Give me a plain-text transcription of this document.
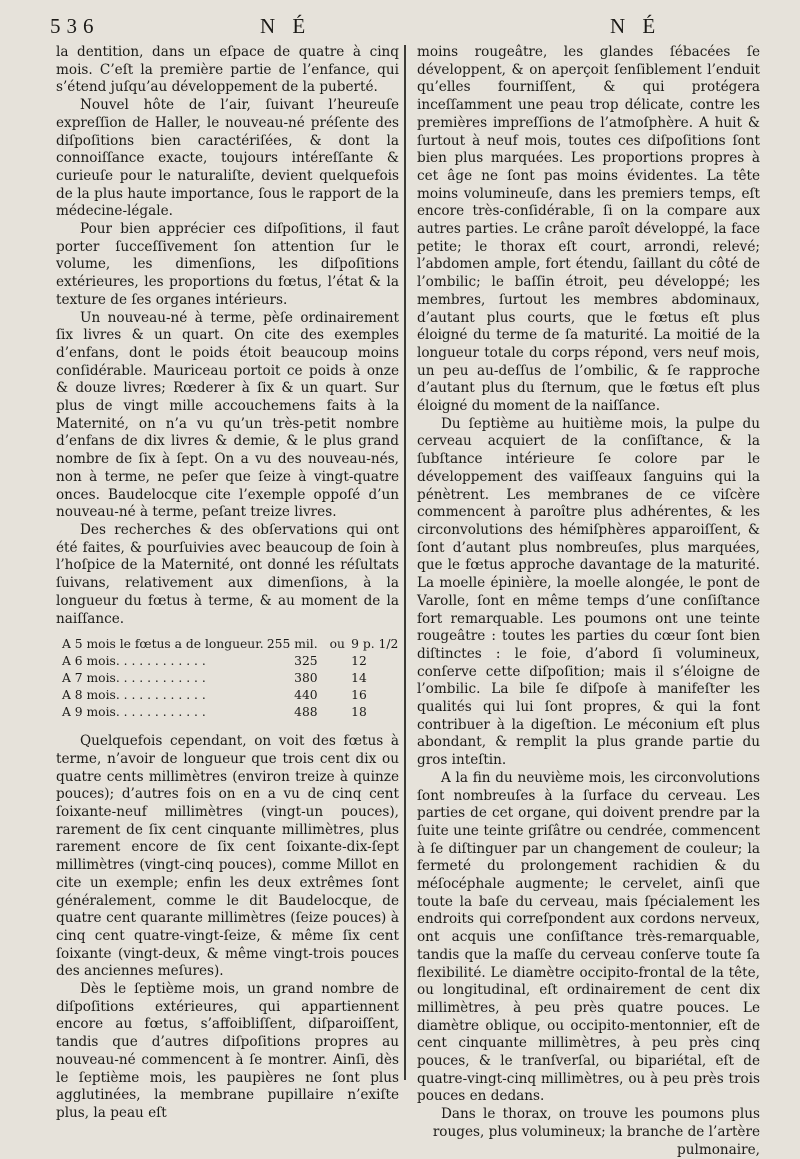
536	N É	N É

la dentition, dans un eſpace de quatre à cinq mois. C’eſt la première partie de l’enfance, qui s’étend juſqu’au développement de la puberté.

Nouvel hôte de l’air, ſuivant l’heureuſe expreſſion de Haller, le nouveau-né préſente des diſpoſitions bien caractériſées, & dont la connoiſſance exacte, toujours intéreſſante & curieuſe pour le naturaliſte, devient quelquefois de la plus haute importance, ſous le rapport de la médecine-légale.

Pour bien apprécier ces diſpoſitions, il faut porter ſucceſſivement ſon attention ſur le volume, les dimenſions, les diſpoſitions extérieures, les proportions du fœtus, l’état & la texture de ſes organes intérieurs.

Un nouveau-né à terme, pèſe ordinairement ſix livres & un quart. On cite des exemples d’enfans, dont le poids étoit beaucoup moins conſidérable. Mauriceau portoit ce poids à onze & douze livres; Rœderer à ſix & un quart. Sur plus de vingt mille accouchemens faits à la Maternité, on n’a vu qu’un très-petit nombre d’enfans de dix livres & demie, & le plus grand nombre de ſix à ſept. On a vu des nouveau-nés, non à terme, ne peſer que ſeize à vingt-quatre onces. Baudelocque cite l’exemple oppoſé d’un nouveau-né à terme, peſant treize livres.

Des recherches & des obſervations qui ont été faites, & pourſuivies avec beaucoup de ſoin à l’hoſpice de la Maternité, ont donné les réſultats ſuivans, relativement aux dimenſions, à la longueur du fœtus à terme, & au moment de la naiſſance.

A 5 mois le fœtus a de longueur.	255 mil.	ou	9 p. 1/2
A 6 mois. . . . . . . . . . . .	325		12
A 7 mois. . . . . . . . . . . .	380		14
A 8 mois. . . . . . . . . . . .	440		16
A 9 mois. . . . . . . . . . . .	488		18

Quelquefois cependant, on voit des fœtus à terme, n’avoir de longueur que trois cent dix ou quatre cents millimètres (environ treize à quinze pouces); d’autres fois on en a vu de cinq cent ſoixante-neuf millimètres (vingt-un pouces), rarement de ſix cent cinquante millimètres, plus rarement encore de ſix cent ſoixante-dix-ſept millimètres (vingt-cinq pouces), comme Millot en cite un exemple; enfin les deux extrêmes ſont généralement, comme le dit Baudelocque, de quatre cent quarante millimètres (ſeize pouces) à cinq cent quatre-vingt-ſeize, & même ſix cent ſoixante (vingt-deux, & même vingt-trois pouces des anciennes meſures).

Dès le ſeptième mois, un grand nombre de diſpoſitions extérieures, qui appartiennent encore au fœtus, s’affoibliſſent, diſparoiſſent, tandis que d’autres diſpoſitions propres au nouveau-né commencent à ſe montrer. Ainſi, dès le ſeptième mois, les paupières ne ſont plus agglutinées, la membrane pupillaire n’exiſte plus, la peau eſt

moins rougeâtre, les glandes ſébacées ſe développent, & on aperçoit ſenſiblement l’enduit qu’elles fourniſſent, & qui protégera inceſſamment une peau trop délicate, contre les premières impreſſions de l’atmoſphère. A huit & ſurtout à neuf mois, toutes ces diſpoſitions ſont bien plus marquées. Les proportions propres à cet âge ne ſont pas moins évidentes. La tête moins volumineuſe, dans les premiers temps, eſt encore très-conſidérable, ſi on la compare aux autres parties. Le crâne paroît développé, la face petite; le thorax eſt court, arrondi, relevé; l’abdomen ample, fort étendu, ſaillant du côté de l’ombilic; le baſſin étroit, peu développé; les membres, ſurtout les membres abdominaux, d’autant plus courts, que le fœtus eſt plus éloigné du terme de ſa maturité. La moitié de la longueur totale du corps répond, vers neuf mois, un peu au-deſſus de l’ombilic, & ſe rapproche d’autant plus du ſternum, que le fœtus eſt plus éloigné du moment de la naiſſance.

Du ſeptième au huitième mois, la pulpe du cerveau acquiert de la conſiſtance, & la ſubſtance intérieure ſe colore par le développement des vaiſſeaux ſanguins qui la pénètrent. Les membranes de ce viſcère commencent à paroître plus adhérentes, & les circonvolutions des hémiſphères apparoiſſent, & ſont d’autant plus nombreuſes, plus marquées, que le fœtus approche davantage de la maturité. La moelle épinière, la moelle alongée, le pont de Varolle, ſont en même temps d’une conſiſtance fort remarquable. Les poumons ont une teinte rougeâtre : toutes les parties du cœur ſont bien diſtinctes : le foie, d’abord ſi volumineux, conſerve cette diſpoſition; mais il s’éloigne de l’ombilic. La bile ſe diſpoſe à manifeſter les qualités qui lui ſont propres, & qui la font contribuer à la digeſtion. Le méconium eſt plus abondant, & remplit la plus grande partie du gros inteſtin.

A la fin du neuvième mois, les circonvolutions ſont nombreuſes à la ſurface du cerveau. Les parties de cet organe, qui doivent prendre par la ſuite une teinte griſâtre ou cendrée, commencent à ſe diſtinguer par un changement de couleur; la fermeté du prolongement rachidien & du méſocéphale augmente; le cervelet, ainſi que toute la baſe du cerveau, mais ſpécialement les endroits qui correſpondent aux cordons nerveux, ont acquis une conſiſtance très-remarquable, tandis que la maſſe du cerveau conſerve toute ſa flexibilité. Le diamètre occipito-frontal de la tête, ou longitudinal, eſt ordinairement de cent dix millimètres, à peu près quatre pouces. Le diamètre oblique, ou occipito-mentonnier, eſt de cent cinquante millimètres, à peu près cinq pouces, & le tranſverſal, ou bipariétal, eſt de quatre-vingt-cinq millimètres, ou à peu près trois pouces en dedans.

Dans le thorax, on trouve les poumons plus rouges, plus volumineux; la branche de l’artère

pulmonaire,
